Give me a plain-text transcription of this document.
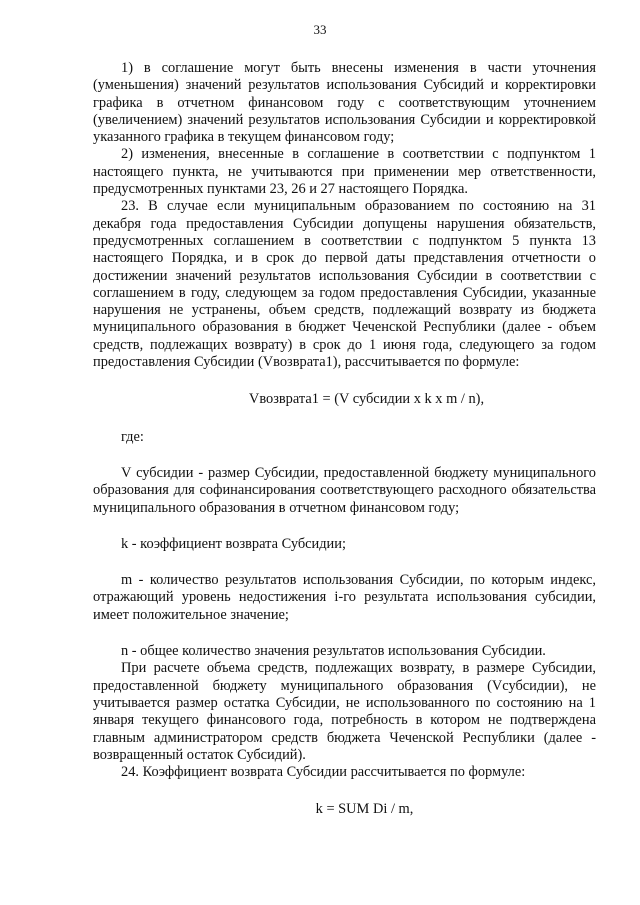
33

1) в соглашение могут быть внесены изменения в части уточнения (уменьшения) значений результатов использования Субсидий и корректировки графика в отчетном финансовом году с соответствующим уточнением (увеличением) значений результатов использования Субсидии и корректировкой указанного графика в текущем финансовом году;

2) изменения, внесенные в соглашение в соответствии с подпунктом 1 настоящего пункта, не учитываются при применении мер ответственности, предусмотренных пунктами 23, 26 и 27 настоящего Порядка.

23. В случае если муниципальным образованием по состоянию на 31 декабря года предоставления Субсидии допущены нарушения обязательств, предусмотренных соглашением в соответствии с подпунктом 5 пункта 13 настоящего Порядка, и в срок до первой даты представления отчетности о достижении значений результатов использования Субсидии в соответствии с соглашением в году, следующем за годом предоставления Субсидии, указанные нарушения не устранены, объем средств, подлежащий возврату из бюджета муниципального образования в бюджет Чеченской Республики (далее - объем средств, подлежащих возврату) в срок до 1 июня года, следующего за годом предоставления Субсидии (Vвозврата1), рассчитывается по формуле:

Vвозврата1 = (V субсидии x k x m / n),

где:

V субсидии - размер Субсидии, предоставленной бюджету муниципального образования для софинансирования соответствующего расходного обязательства муниципального образования в отчетном финансовом году;

k - коэффициент возврата Субсидии;

m - количество результатов использования Субсидии, по которым индекс, отражающий уровень недостижения i-го результата использования субсидии, имеет положительное значение;

n - общее количество значения результатов использования Субсидии.

При расчете объема средств, подлежащих возврату, в размере Субсидии, предоставленной бюджету муниципального образования (Vсубсидии), не учитывается размер остатка Субсидии, не использованного по состоянию на 1 января текущего финансового года, потребность в котором не подтверждена главным администратором средств бюджета Чеченской Республики (далее - возвращенный остаток Субсидий).

24. Коэффициент возврата Субсидии рассчитывается по формуле:

k = SUM Di / m,
